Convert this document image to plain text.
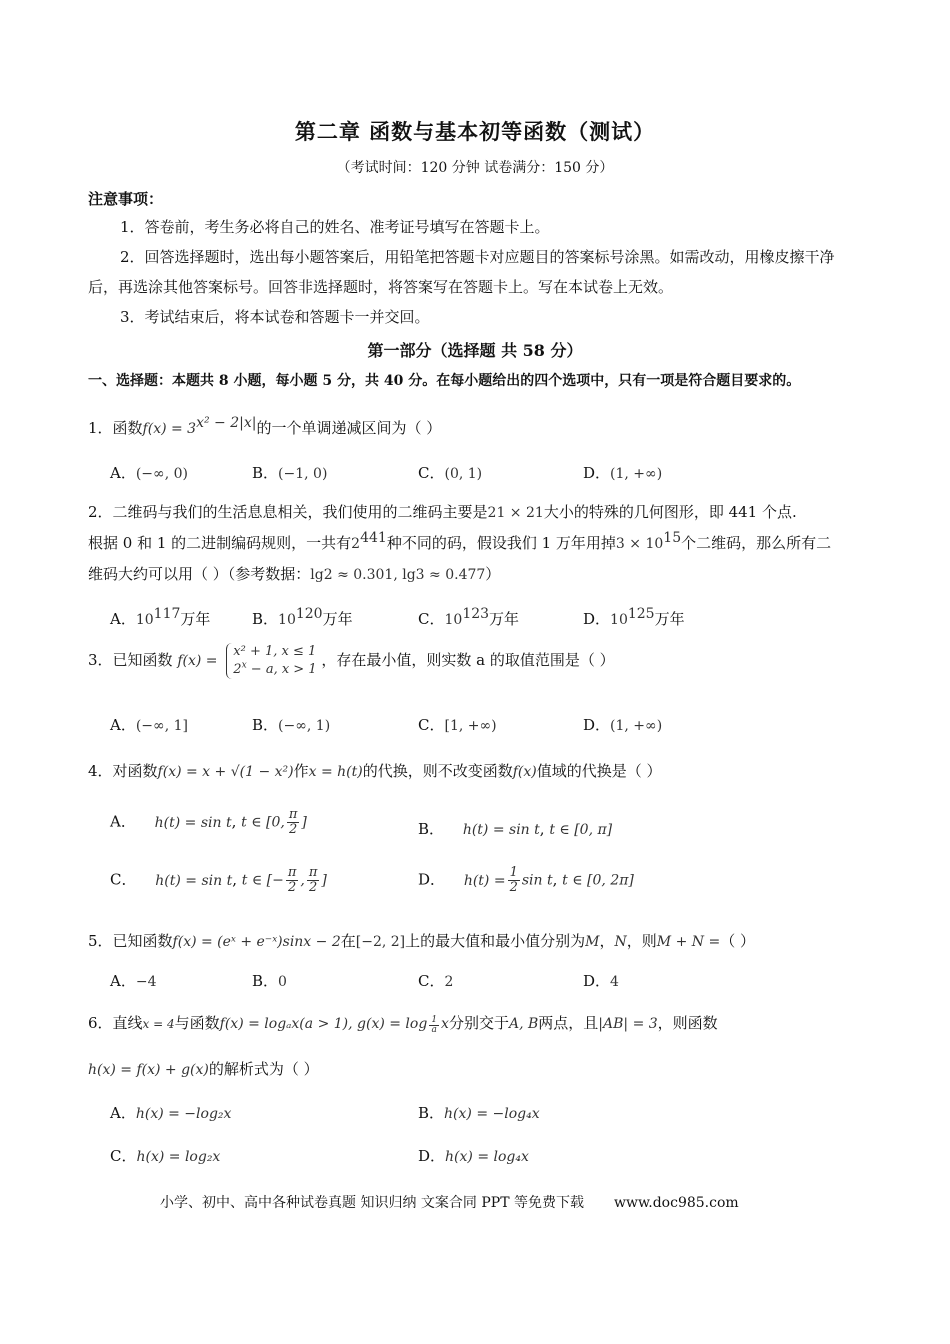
第二章 函数与基本初等函数（测试）
（考试时间：120 分钟 试卷满分：150 分）
注意事项：
1．答卷前，考生务必将自己的姓名、准考证号填写在答题卡上。
2．回答选择题时，选出每小题答案后，用铅笔把答题卡对应题目的答案标号涂黑。如需改动，用橡皮擦干净后，再选涂其他答案标号。回答非选择题时，将答案写在答题卡上。写在本试卷上无效。
3．考试结束后，将本试卷和答题卡一并交回。
第一部分（选择题 共 58 分）
一、选择题：本题共 8 小题，每小题 5 分，共 40 分。在每小题给出的四个选项中，只有一项是符合题目要求的。
1．函数$f(x) = 3^{x^2 - 2|x|}$的一个单调递减区间为（ ）
A．(−∞, 0)	B．(−1, 0)	C．(0, 1)	D．(1, +∞)
2．二维码与我们的生活息息相关，我们使用的二维码主要是21 × 21大小的特殊的几何图形，即 441 个点.
根据 0 和 1 的二进制编码规则，一共有$2^{441}$种不同的码，假设我们 1 万年用掉$3 \times 10^{15}$个二维码，那么所有二
维码大约可以用（ ）（参考数据：lg2 ≈ 0.301, lg3 ≈ 0.477）
A．$10^{117}$万年	B．$10^{120}$万年	C．$10^{123}$万年	D．$10^{125}$万年
3．已知函数 f(x) =
x² + 1, x ≤ 1
$2^x - a$, x > 1
，存在最小值，则实数 a 的取值范围是（ ）
A．(−∞, 1]	B．(−∞, 1)	C．[1, +∞)	D．(1, +∞)
4．对函数f(x) = x + √(1 − x²)作x = h(t)的代换，则不改变函数f(x)值域的代换是（ ）
A． h(t) = sin t, t ∈ [0, $\frac{\pi}{2}$ ]	B． h(t) = sin t, t ∈ [0, π]
C． h(t) = sin t, t ∈ [− $\frac{\pi}{2}$ , $\frac{\pi}{2}$ ]	D． $h(t) = \frac{1}{2}$ sin t, t ∈ [0, 2π]
5．已知函数f(x) = (eˣ + e⁻ˣ)sinx − 2在[−2, 2]上的最大值和最小值分别为M，N，则M + N =（ ）
A．−4	B．0	C．2	D．4
6．直线x = 4与函数f(x) = logₐx(a > 1), $g(x) = \log \frac{1}{a}$ x分别交于A, B两点，且|AB| = 3，则函数
h(x) = f(x) + g(x)的解析式为（ ）
A．h(x) = −log₂x	B．h(x) = −log₄x
C．h(x) = log₂x	D．h(x) = log₄x
小学、初中、高中各种试卷真题 知识归纳 文案合同 PPT 等免费下载 www.doc985.com
